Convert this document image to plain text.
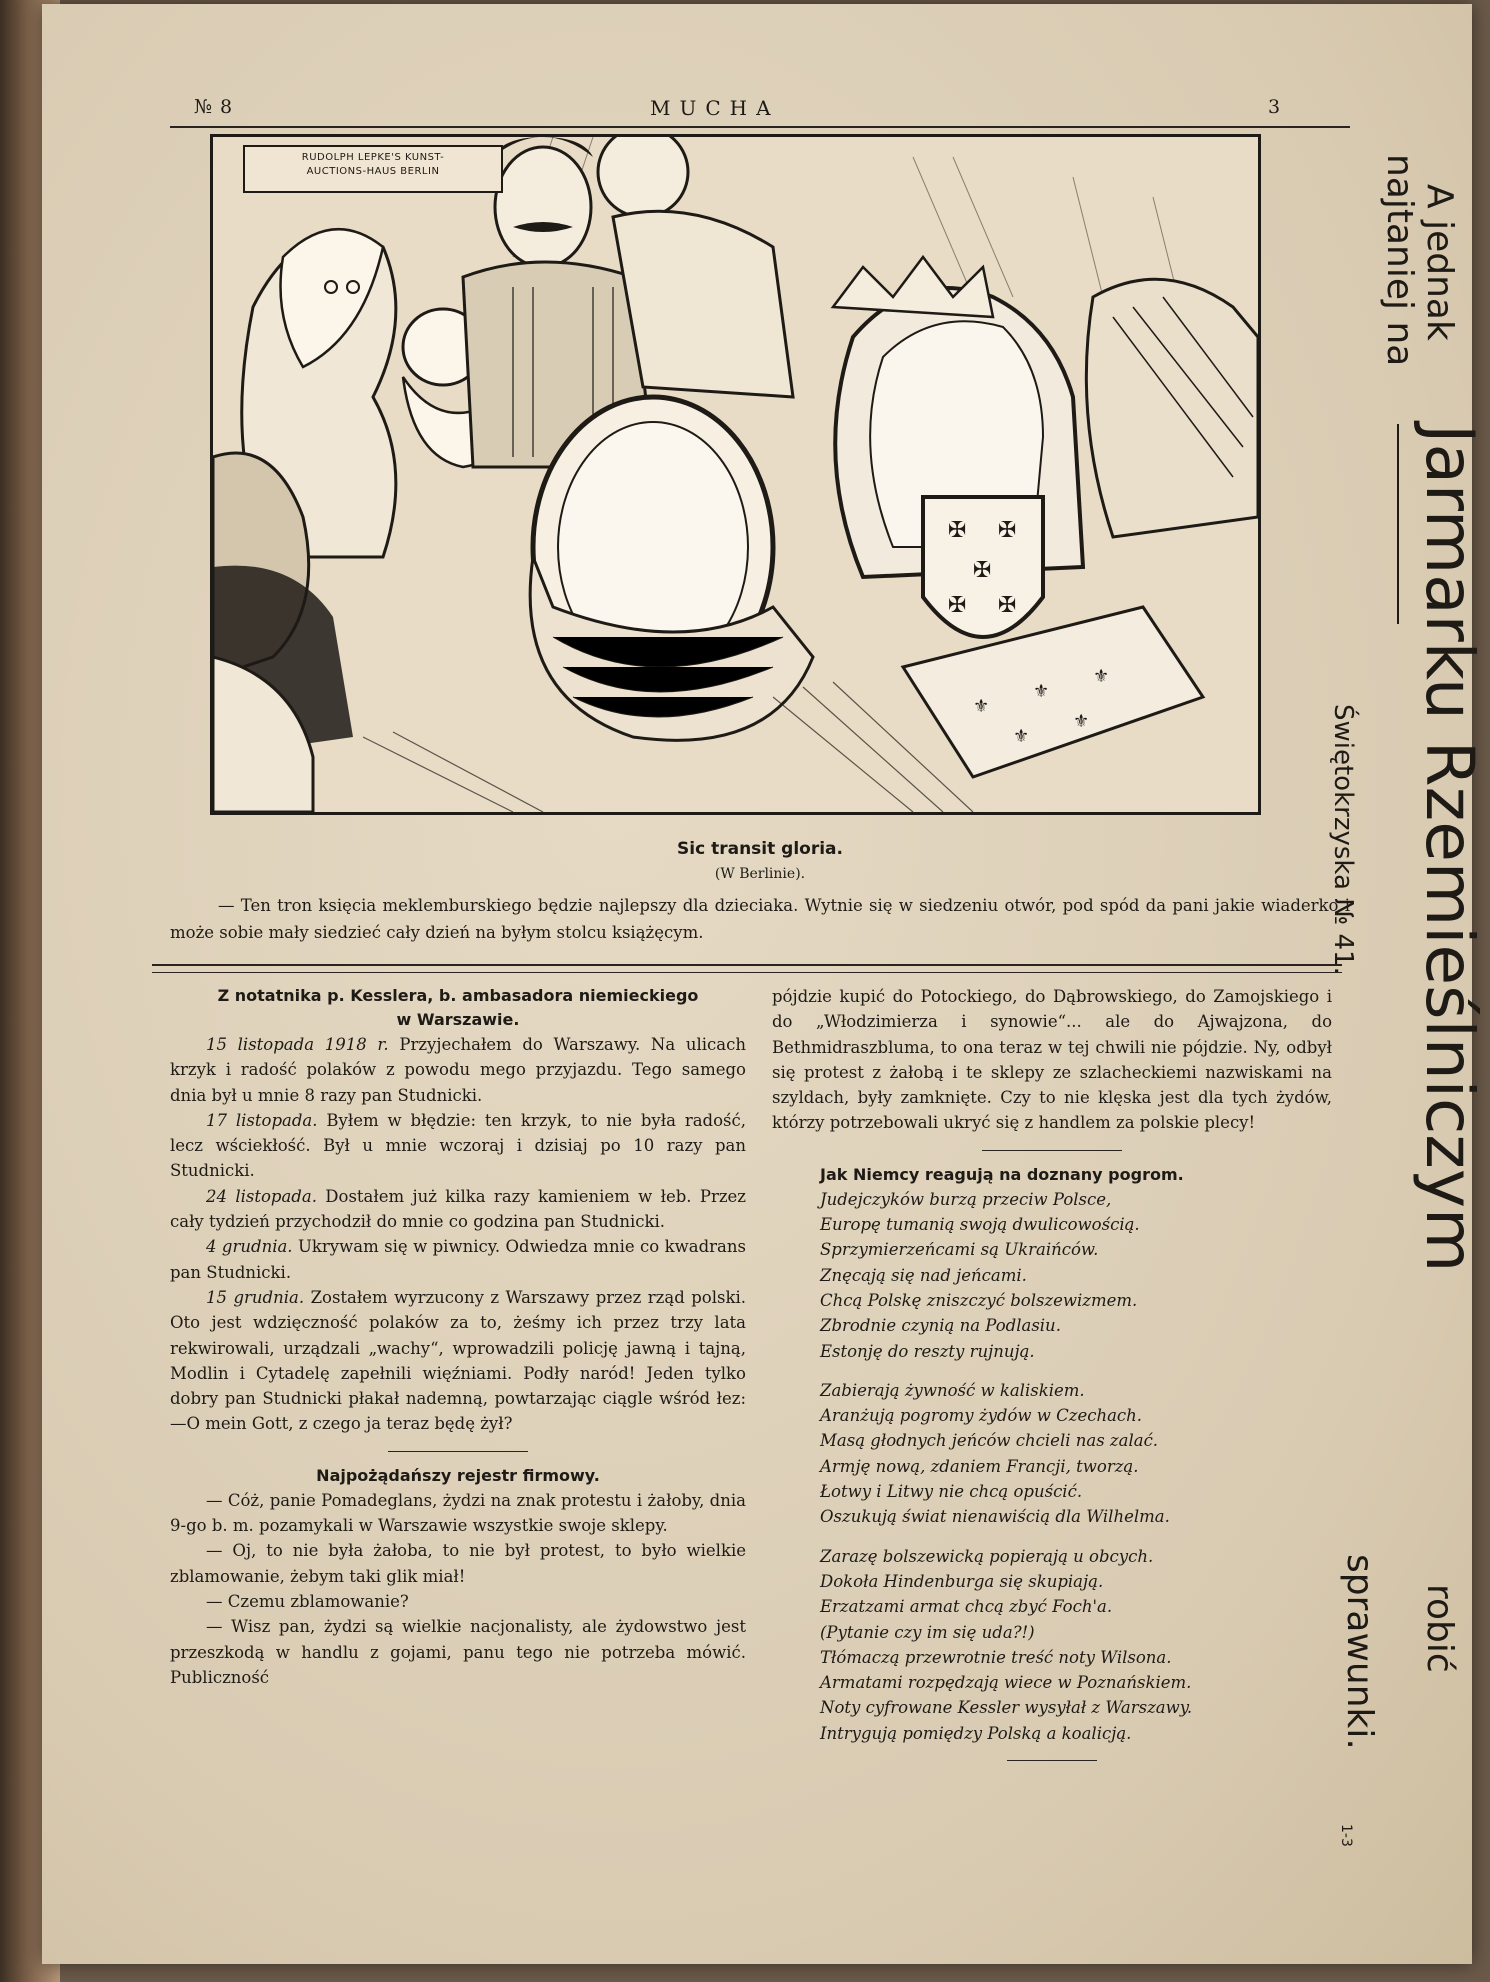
№ 8	MUCHA	3
✠ ✠
✠
✠ ✠
⚜
⚜
⚜
⚜
⚜
RUDOLPH LEPKE'S KUNST-
AUCTIONS-HAUS BERLIN
Sic transit gloria.
(W Berlinie).
— Ten tron księcia meklemburskiego będzie najlepszy dla dzieciaka. Wytnie się w siedzeniu otwór, pod spód da pani jakie wiaderko i może sobie mały siedzieć cały dzień na byłym stolcu książęcym.
Z notatnika p. Kesslera, b. ambasadora niemieckiego
w Warszawie.

15 listopada 1918 r. Przyjechałem do Warszawy. Na ulicach krzyk i radość polaków z powodu mego przyjazdu. Tego samego dnia był u mnie 8 razy pan Studnicki.

17 listopada. Byłem w błędzie: ten krzyk, to nie była radość, lecz wściekłość. Był u mnie wczoraj i dzisiaj po 10 razy pan Studnicki.

24 listopada. Dostałem już kilka razy kamieniem w łeb. Przez cały tydzień przychodził do mnie co godzina pan Studnicki.

4 grudnia. Ukrywam się w piwnicy. Odwiedza mnie co kwadrans pan Studnicki.

15 grudnia. Zostałem wyrzucony z Warszawy przez rząd polski. Oto jest wdzięczność polaków za to, żeśmy ich przez trzy lata rekwirowali, urządzali „wachy“, wprowadzili policję jawną i tajną, Modlin i Cytadelę zapełnili więźniami. Podły naród! Jeden tylko dobry pan Studnicki płakał nademną, powtarzając ciągle wśród łez: —O mein Gott, z czego ja teraz będę żył?

Najpożądańszy rejestr firmowy.

— Cóż, panie Pomadeglans, żydzi na znak protestu i żałoby, dnia 9-go b. m. pozamykali w Warszawie wszystkie swoje sklepy.

— Oj, to nie była żałoba, to nie był protest, to było wielkie zblamowanie, żebym taki glik miał!

— Czemu zblamowanie?

— Wisz pan, żydzi są wielkie nacjonalisty, ale żydowstwo jest przeszkodą w handlu z gojami, panu tego nie potrzeba mówić. Publiczność

pójdzie kupić do Potockiego, do Dąbrowskiego, do Zamojskiego i do „Włodzimierza i synowie“... ale do Ajwajzona, do Bethmidraszbluma, to ona teraz w tej chwili nie pójdzie. Ny, odbył się protest z żałobą i te sklepy ze szlacheckiemi nazwiskami na szyldach, były zamknięte. Czy to nie klęska jest dla tych żydów, którzy potrzebowali ukryć się z handlem za polskie plecy!

Jak Niemcy reagują na doznany pogrom.

Judejczyków burzą przeciw Polsce,

Europę tumanią swoją dwulicowością.

Sprzymierzeńcami są Ukraińców.

Znęcają się nad jeńcami.

Chcą Polskę zniszczyć bolszewizmem.

Zbrodnie czynią na Podlasiu.

Estonję do reszty rujnują.

Zabierają żywność w kaliskiem.

Aranżują pogromy żydów w Czechach.

Masą głodnych jeńców chcieli nas zalać.

Armję nową, zdaniem Francji, tworzą.

Łotwy i Litwy nie chcą opuścić.

Oszukują świat nienawiścią dla Wilhelma.

Zarazę bolszewicką popierają u obcych.

Dokoła Hindenburga się skupiają.

Erzatzami armat chcą zbyć Foch'a.

(Pytanie czy im się uda?!)

Tłómaczą przewrotnie treść noty Wilsona.

Armatami rozpędzają wiece w Poznańskiem.

Noty cyfrowane Kessler wysyłał z Warszawy.

Intrygują pomiędzy Polską a koalicją.

A jednak
robić
najtaniej na
Jarmarku Rzemieślniczym
Świętokrzyska № 41.
sprawunki.
1-3
